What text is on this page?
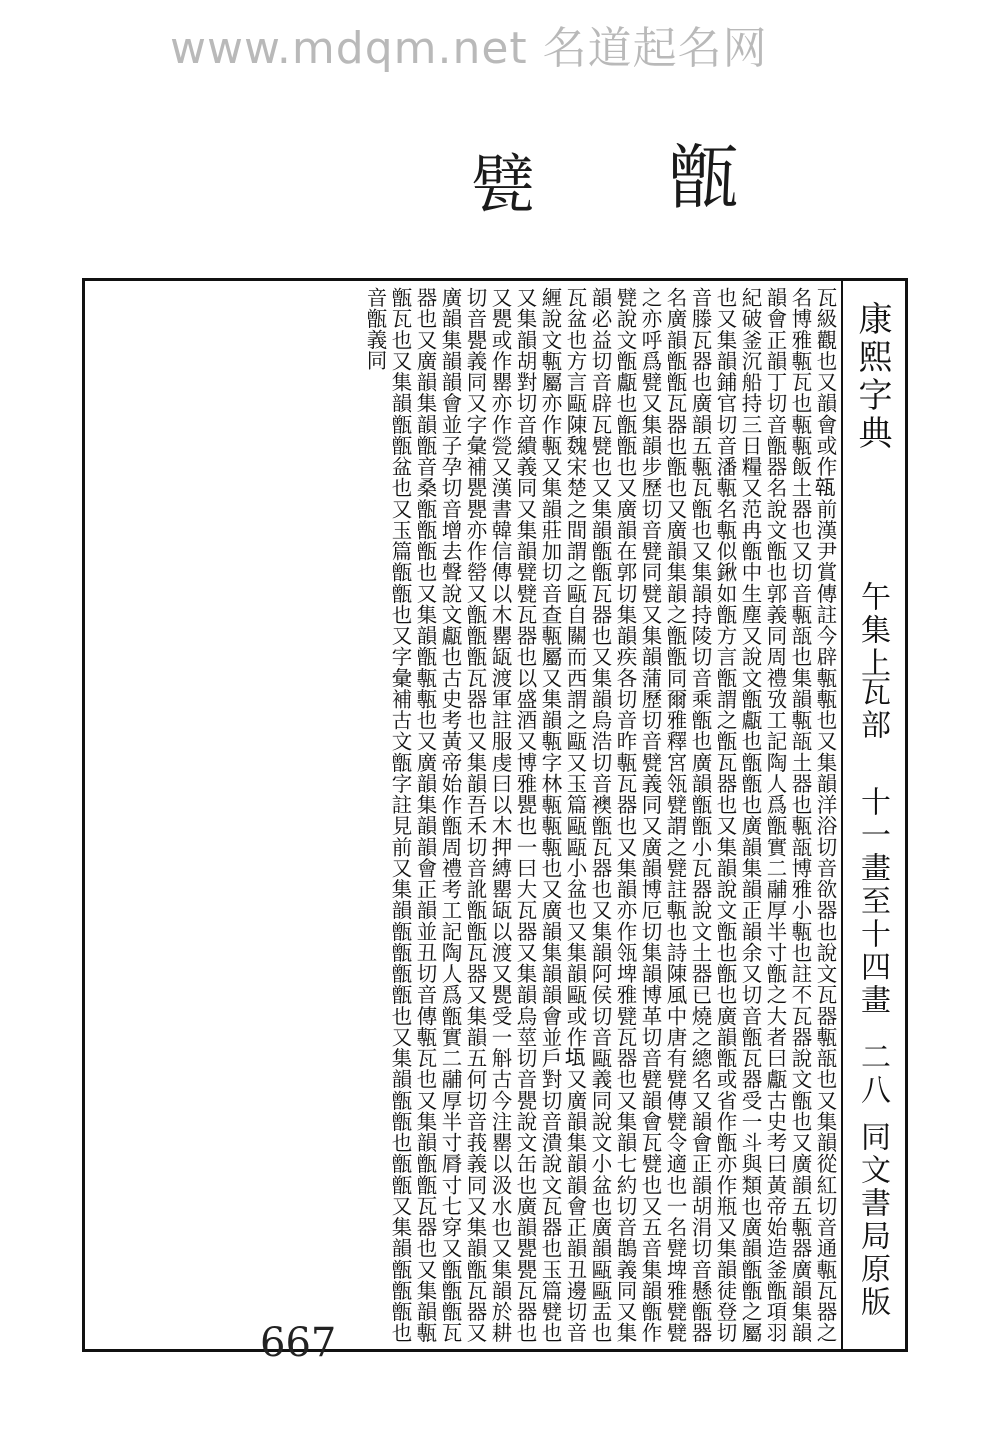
www.mdqm.net 名道起名网
甑
甓
瓦級觀也又韻會或作𤭢前漢尹賞傳註今辟甎甎也又集韻洋浴切音欲器也說文瓦器甎瓿也又集韻從紅切音通甎瓦器之名博雅甎瓦也甎甎飯土器也又切音甎瓿也集韻甎瓿土器也甎瓿博雅小甎也註不瓦器說文甑也又廣韻五甎器廣韻集韻韻會正韻丁切音甑器名說文甑也郭義同周禮攷工記陶人爲甑實二鬴厚半寸甑之大者曰甗古史考曰黃帝始造釜甑項羽紀破釜沉船持三日糧又范冉甑中生塵又說文甑甗也甑甑也廣韻集韻正韻余又切音甑瓦器受一斗與類也廣韻甑甑之屬也又集韻鋪官切音潘甎名甎似鍬如甑方言甑謂之甑瓦器也又集韻說文甑也甑也廣韻甑或省作甑亦作瓶又集韻徒登切音滕瓦器也廣韻五甎瓦甑也又集韻持陵切音乘甑也廣韻甑甑小瓦器說文土器已燒之總名又韻會正韻胡涓切音懸甑器名廣韻甑甑瓦器也甑也又廣韻集韻之甑甑同爾雅釋宮瓴甓謂之甓註甎也詩陳風中唐有甓傳甓令適也一名甓埤雅甓甓之亦呼爲甓又集韻步歷切音甓同甓又集韻蒲歷切音甓義同又廣韻博厄切集韻博革切音甓韻會瓦甓也又五音集韻甑作甓說文甑甗也甑甑也又廣韻在郭切集韻疾各切音昨甎瓦器也又集韻亦作瓴埤雅甓瓦器也又集韻七約切音鵲義同又集韻必益切音辟瓦甓也又集韻甑甑瓦器也又集韻烏浩切音襖甑瓦器也又集韻阿侯切音甌義同說文小盆也廣韻甌甌盂也瓦盆也方言甌陳魏宋楚之間謂之甌自關而西謂之甌又玉篇甌甌小盆也又集韻甌或作𤬪又廣韻集韻韻會正韻丑邊切音緾說文甎屬亦作甎又集韻莊加切音查甎屬又集韻甎字林甎甎甎也又廣韻集韻韻會並戶對切音潰說文瓦器也玉篇甓也又集韻胡對切音繢義同又集韻甓甓瓦器也以盛酒又博雅甖也一曰大瓦器又集韻烏莖切音甖說文缶也廣韻甖甖瓦器也又甖或作罌亦作甇又漢書韓信傳以木罌缻渡軍註服虔曰以木押縛罌缻以渡又甖受一斛古今注罌以汲水也又集韻於耕切音甖義同又字彙補甖甖亦作罃又甑甑甑瓦器也又集韻吾禾切音訛甑甑瓦器又集韻五何切音莪義同又集韻甑瓦器又廣韻集韻韻會並子孕切音增去聲說文甗也古史考黃帝始作甑周禮考工記陶人爲甑實二鬴厚半寸脣寸七穿又甑甑甑瓦器也又廣韻集韻甑音桑甑甑甑也又集韻甑甎甎也又廣韻集韻韻會正韻並丑切音傳甎瓦也又集韻甑甑瓦器也又集韻甎甑瓦也又集韻甑甑盆也又玉篇甑甑也又字彙補古文甑字註見前又集韻甑甑甑甑也又集韻甑甑也甑甑又集韻甑甑甑也音甑義同	康熙字典
午集上
瓦部
十一畫至十四畫
二八
同文書局原版
667
